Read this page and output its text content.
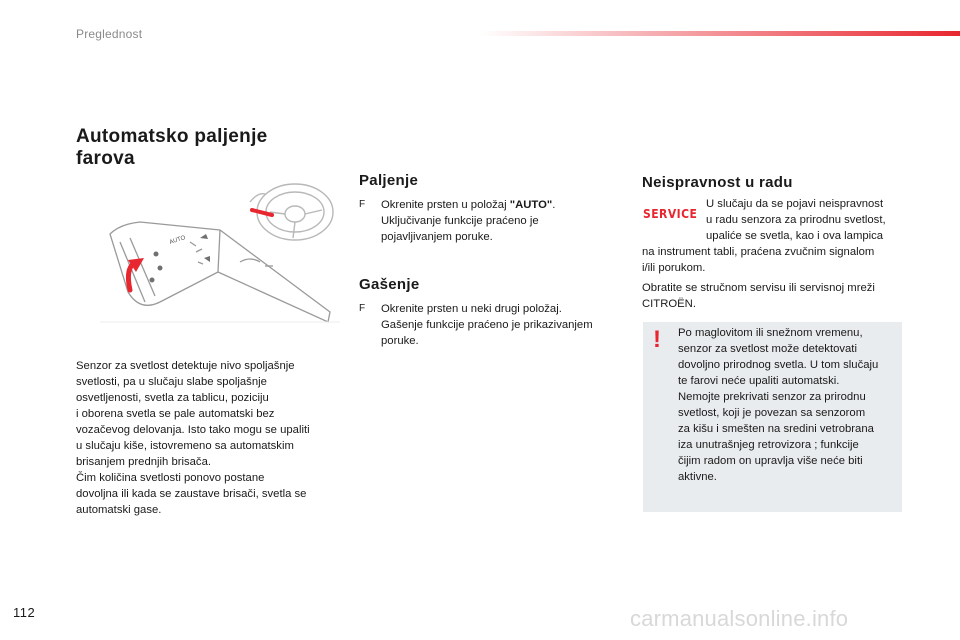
Preglednost
Automatsko paljenje
farova
AUTO
Senzor za svetlost detektuje nivo spoljašnje
svetlosti, pa u slučaju slabe spoljašnje
osvetljenosti, svetla za tablicu, poziciju
i oborena svetla se pale automatski bez
vozačevog delovanja. Isto tako mogu se upaliti
u slučaju kiše, istovremeno sa automatskim
brisanjem prednjih brisača.
Čim količina svetlosti ponovo postane
dovoljna ili kada se zaustave brisači, svetla se
automatski gase.
Paljenje
F	Okrenite prsten u položaj "AUTO".
Uključivanje funkcije praćeno je
pojavljivanjem poruke.
Gašenje
F	Okrenite prsten u neki drugi položaj.
Gašenje funkcije praćeno je prikazivanjem
poruke.
Neispravnost u radu
SERVICE
U slučaju da se pojavi neispravnost
u radu senzora za prirodnu svetlost,
upaliće se svetla, kao i ova lampica
na instrument tabli, praćena zvučnim signalom
i/ili porukom.
Obratite se stručnom servisu ili servisnoj mreži
CITROËN.
!	Po maglovitom ili snežnom vremenu,
senzor za svetlost može detektovati
dovoljno prirodnog svetla. U tom slučaju
te farovi neće upaliti automatski.
Nemojte prekrivati senzor za prirodnu
svetlost, koji je povezan sa senzorom
za kišu i smešten na sredini vetrobrana
iza unutrašnjeg retrovizora ; funkcije
čijim radom on upravlja više neće biti
aktivne.
112	carmanualsonline.info
